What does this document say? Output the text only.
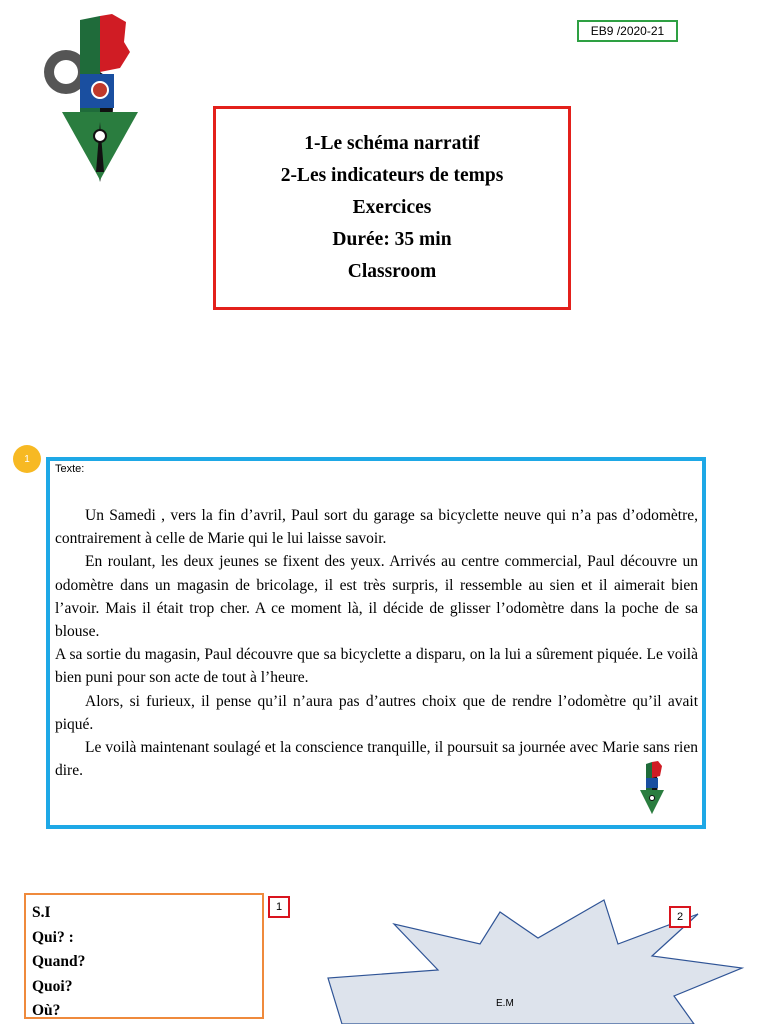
EB9 /2020-21
1-Le schéma narratif
2-Les indicateurs de temps
Exercices
Durée: 35 min
Classroom
1
Texte:

Un Samedi , vers la fin d’avril, Paul sort du garage sa bicyclette neuve qui n’a pas d’odomètre, contrairement à celle de Marie qui le lui laisse savoir.

En roulant, les deux jeunes se fixent des yeux. Arrivés au centre commercial, Paul découvre un odomètre dans un magasin de bricolage, il est très surpris, il ressemble au sien et il aimerait bien l’avoir. Mais il était trop cher. A ce moment là, il décide de glisser l’odomètre dans la poche de sa blouse.

A sa sortie du magasin, Paul découvre que sa bicyclette a disparu, on la lui a sûrement piquée. Le voilà bien puni pour son acte de tout à l’heure.

Alors, si furieux, il pense qu’il n’aura pas d’autres choix que de rendre l’odomètre qu’il avait piqué.

Le voilà maintenant soulagé et la conscience tranquille, il poursuit sa journée avec Marie sans rien dire.

S.I
Qui? :
Quand?
Quoi?
Où?
1
2
E.M
